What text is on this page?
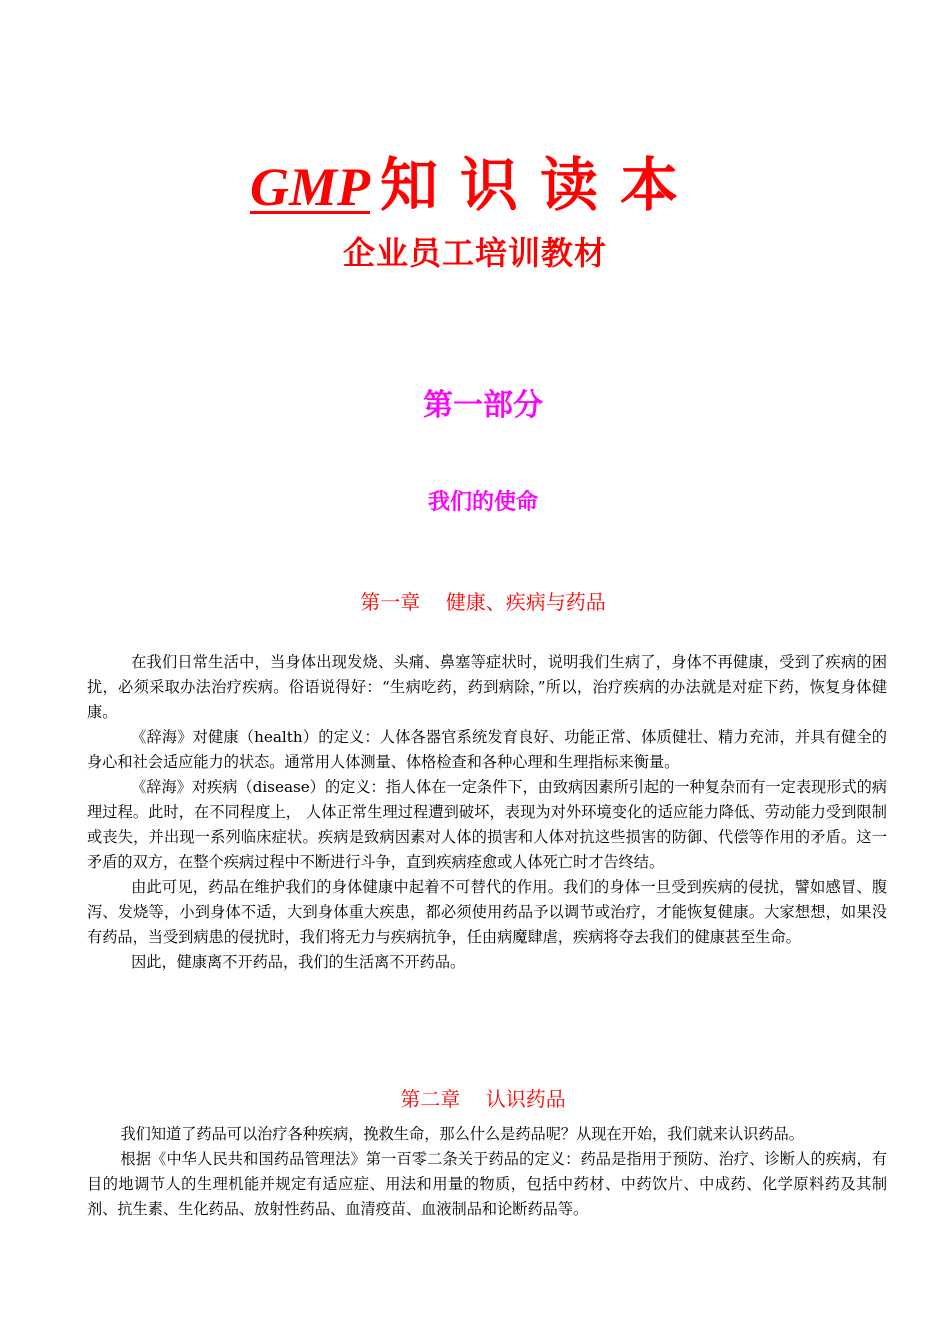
GMP 知识读本
企业员工培训教材
第一部分
我们的使命
第一章    健康、疾病与药品

在我们日常生活中，当身体出现发烧、头痛、鼻塞等症状时，说明我们生病了，身体不再健康，受到了疾病的困扰，必须采取办法治疗疾病。俗语说得好：“生病吃药，药到病除，”所以，治疗疾病的办法就是对症下药，恢复身体健康。

《辞海》对健康（health）的定义：人体各器官系统发育良好、功能正常、体质健壮、精力充沛，并具有健全的身心和社会适应能力的状态。通常用人体测量、体格检查和各种心理和生理指标来衡量。

《辞海》对疾病（disease）的定义：指人体在一定条件下，由致病因素所引起的一种复杂而有一定表现形式的病理过程。此时，在不同程度上， 人体正常生理过程遭到破坏，表现为对外环境变化的适应能力降低、劳动能力受到限制或丧失，并出现一系列临床症状。疾病是致病因素对人体的损害和人体对抗这些损害的防御、代偿等作用的矛盾。这一矛盾的双方，在整个疾病过程中不断进行斗争，直到疾病痊愈或人体死亡时才告终结。

由此可见，药品在维护我们的身体健康中起着不可替代的作用。我们的身体一旦受到疾病的侵扰，譬如感冒、腹泻、发烧等，小到身体不适，大到身体重大疾患，都必须使用药品予以调节或治疗，才能恢复健康。大家想想，如果没有药品，当受到病患的侵扰时，我们将无力与疾病抗争，任由病魔肆虐，疾病将夺去我们的健康甚至生命。

因此，健康离不开药品，我们的生活离不开药品。

第二章    认识药品

我们知道了药品可以治疗各种疾病，挽救生命，那么什么是药品呢？从现在开始，我们就来认识药品。

根据《中华人民共和国药品管理法》第一百零二条关于药品的定义：药品是指用于预防、治疗、诊断人的疾病，有目的地调节人的生理机能并规定有适应症、用法和用量的物质，包括中药材、中药饮片、中成药、化学原料药及其制剂、抗生素、生化药品、放射性药品、血清疫苗、血液制品和论断药品等。
